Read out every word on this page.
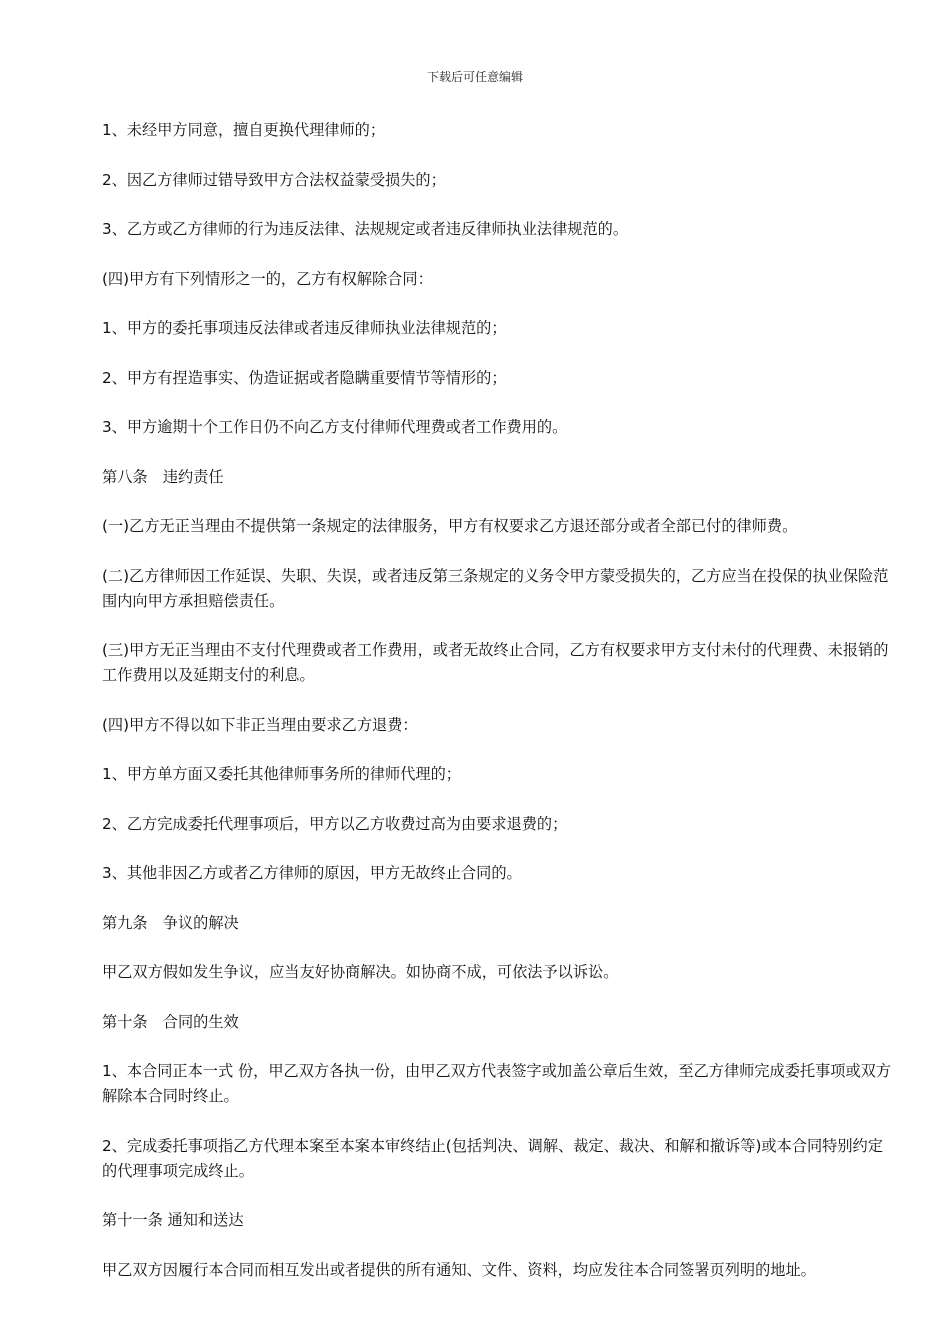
下载后可任意编辑

1、未经甲方同意，擅自更换代理律师的；

2、因乙方律师过错导致甲方合法权益蒙受损失的；

3、乙方或乙方律师的行为违反法律、法规规定或者违反律师执业法律规范的。

(四)甲方有下列情形之一的，乙方有权解除合同：

1、甲方的委托事项违反法律或者违反律师执业法律规范的；

2、甲方有捏造事实、伪造证据或者隐瞒重要情节等情形的；

3、甲方逾期十个工作日仍不向乙方支付律师代理费或者工作费用的。

第八条　违约责任

(一)乙方无正当理由不提供第一条规定的法律服务，甲方有权要求乙方退还部分或者全部已付的律师费。

(二)乙方律师因工作延误、失职、失误，或者违反第三条规定的义务令甲方蒙受损失的，乙方应当在投保的执业保险范围内向甲方承担赔偿责任。

(三)甲方无正当理由不支付代理费或者工作费用，或者无故终止合同，乙方有权要求甲方支付未付的代理费、未报销的工作费用以及延期支付的利息。

(四)甲方不得以如下非正当理由要求乙方退费：

1、甲方单方面又委托其他律师事务所的律师代理的；

2、乙方完成委托代理事项后，甲方以乙方收费过高为由要求退费的；

3、其他非因乙方或者乙方律师的原因，甲方无故终止合同的。

第九条　争议的解决

甲乙双方假如发生争议，应当友好协商解决。如协商不成，可依法予以诉讼。

第十条　合同的生效

1、本合同正本一式 份，甲乙双方各执一份，由甲乙双方代表签字或加盖公章后生效，至乙方律师完成委托事项或双方解除本合同时终止。

2、完成委托事项指乙方代理本案至本案本审终结止(包括判决、调解、裁定、裁决、和解和撤诉等)或本合同特别约定的代理事项完成终止。

第十一条 通知和送达

甲乙双方因履行本合同而相互发出或者提供的所有通知、文件、资料，均应发往本合同签署页列明的地址。
